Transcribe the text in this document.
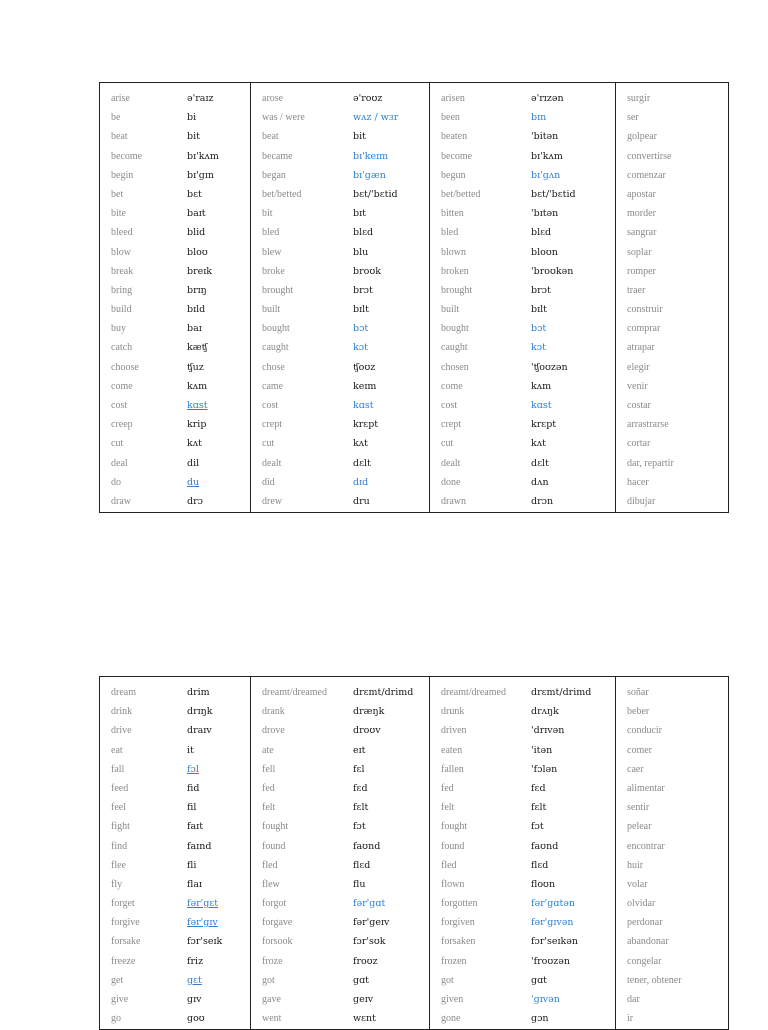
arise	ə'raɪz	arose	ə'roʊz	arisen	ə'rɪzən	surgir
be	bi	was / were	wʌz / wɜr	been	bɪn	ser
beat	bit	beat	bit	beaten	'bitən	golpear
become	bɪ'kʌm	became	bɪ'keɪm	become	bɪ'kʌm	convertirse
begin	bɪ'gɪn	began	bɪ'gæn	begun	bɪ'gʌn	comenzar
bet	bɛt	bet/betted	bɛt/'bɛtid	bet/betted	bɛt/'bɛtid	apostar
bite	baɪt	bit	bɪt	bitten	'bɪtən	morder
bleed	blid	bled	blɛd	bled	blɛd	sangrar
blow	bloʊ	blew	blu	blown	bloʊn	soplar
break	breɪk	broke	broʊk	broken	'broʊkən	romper
bring	brɪŋ	brought	brɔt	brought	brɔt	traer
build	bɪld	built	bɪlt	built	bɪlt	construir
buy	baɪ	bought	bɔt	bought	bɔt	comprar
catch	kæʧ	caught	kɔt	caught	kɔt	atrapar
choose	ʧuz	chose	ʧoʊz	chosen	'ʧoʊzən	elegir
come	kʌm	came	keɪm	come	kʌm	venir
cost	kɑst	cost	kɑst	cost	kɑst	costar
creep	krip	crept	krɛpt	crept	krɛpt	arrastrarse
cut	kʌt	cut	kʌt	cut	kʌt	cortar
deal	dil	dealt	dɛlt	dealt	dɛlt	dar, repartir
do	du	did	dɪd	done	dʌn	hacer
draw	drɔ	drew	dru	drawn	drɔn	dibujar
dream	drim	dreamt/dreamed	drɛmt/drimd	dreamt/dreamed	drɛmt/drimd	soñar
drink	drɪŋk	drank	dræŋk	drunk	drʌŋk	beber
drive	draɪv	drove	droʊv	driven	'drɪvən	conducir
eat	it	ate	eɪt	eaten	'itən	comer
fall	fɔl	fell	fɛl	fallen	'fɔlən	caer
feed	fid	fed	fɛd	fed	fɛd	alimentar
feel	fil	felt	fɛlt	felt	fɛlt	sentir
fight	faɪt	fought	fɔt	fought	fɔt	pelear
find	faɪnd	found	faʊnd	found	faʊnd	encontrar
flee	fli	fled	flɛd	fled	flɛd	huir
fly	flaɪ	flew	flu	flown	floʊn	volar
forget	fər'gɛt	forgot	fər'gɑt	forgotten	fər'gɑtən	olvidar
forgive	fər'gɪv	forgave	fər'geɪv	forgiven	fər'gɪvən	perdonar
forsake	fɔr'seɪk	forsook	fɔr'sʊk	forsaken	fɔr'seɪkən	abandonar
freeze	friz	froze	froʊz	frozen	'froʊzən	congelar
get	gɛt	got	gɑt	got	gɑt	tener, obtener
give	gɪv	gave	geɪv	given	'gɪvən	dar
go	goʊ	went	wɛnt	gone	gɔn	ir
